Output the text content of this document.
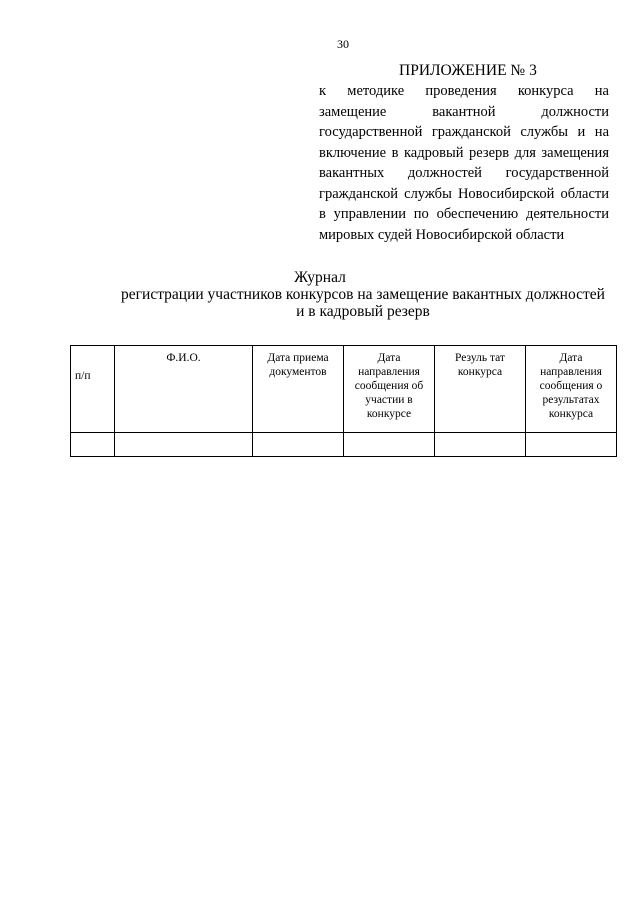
30
ПРИЛОЖЕНИЕ № 3

к методике проведения конкурса на замещение вакантной должности государственной гражданской службы и на включение в кадровый резерв для замещения вакантных должностей государственной гражданской службы Новосибирской области в управлении по обеспечению деятельности мировых судей Новосибирской области

Журнал
регистрации участников конкурсов на замещение вакантных должностей
и в кадровый резерв
п/п	Ф.И.О.	Дата приема документов	Дата направления сообщения об участии в конкурсе	Резуль тат конкурса	Дата направления сообщения о результатах конкурса
